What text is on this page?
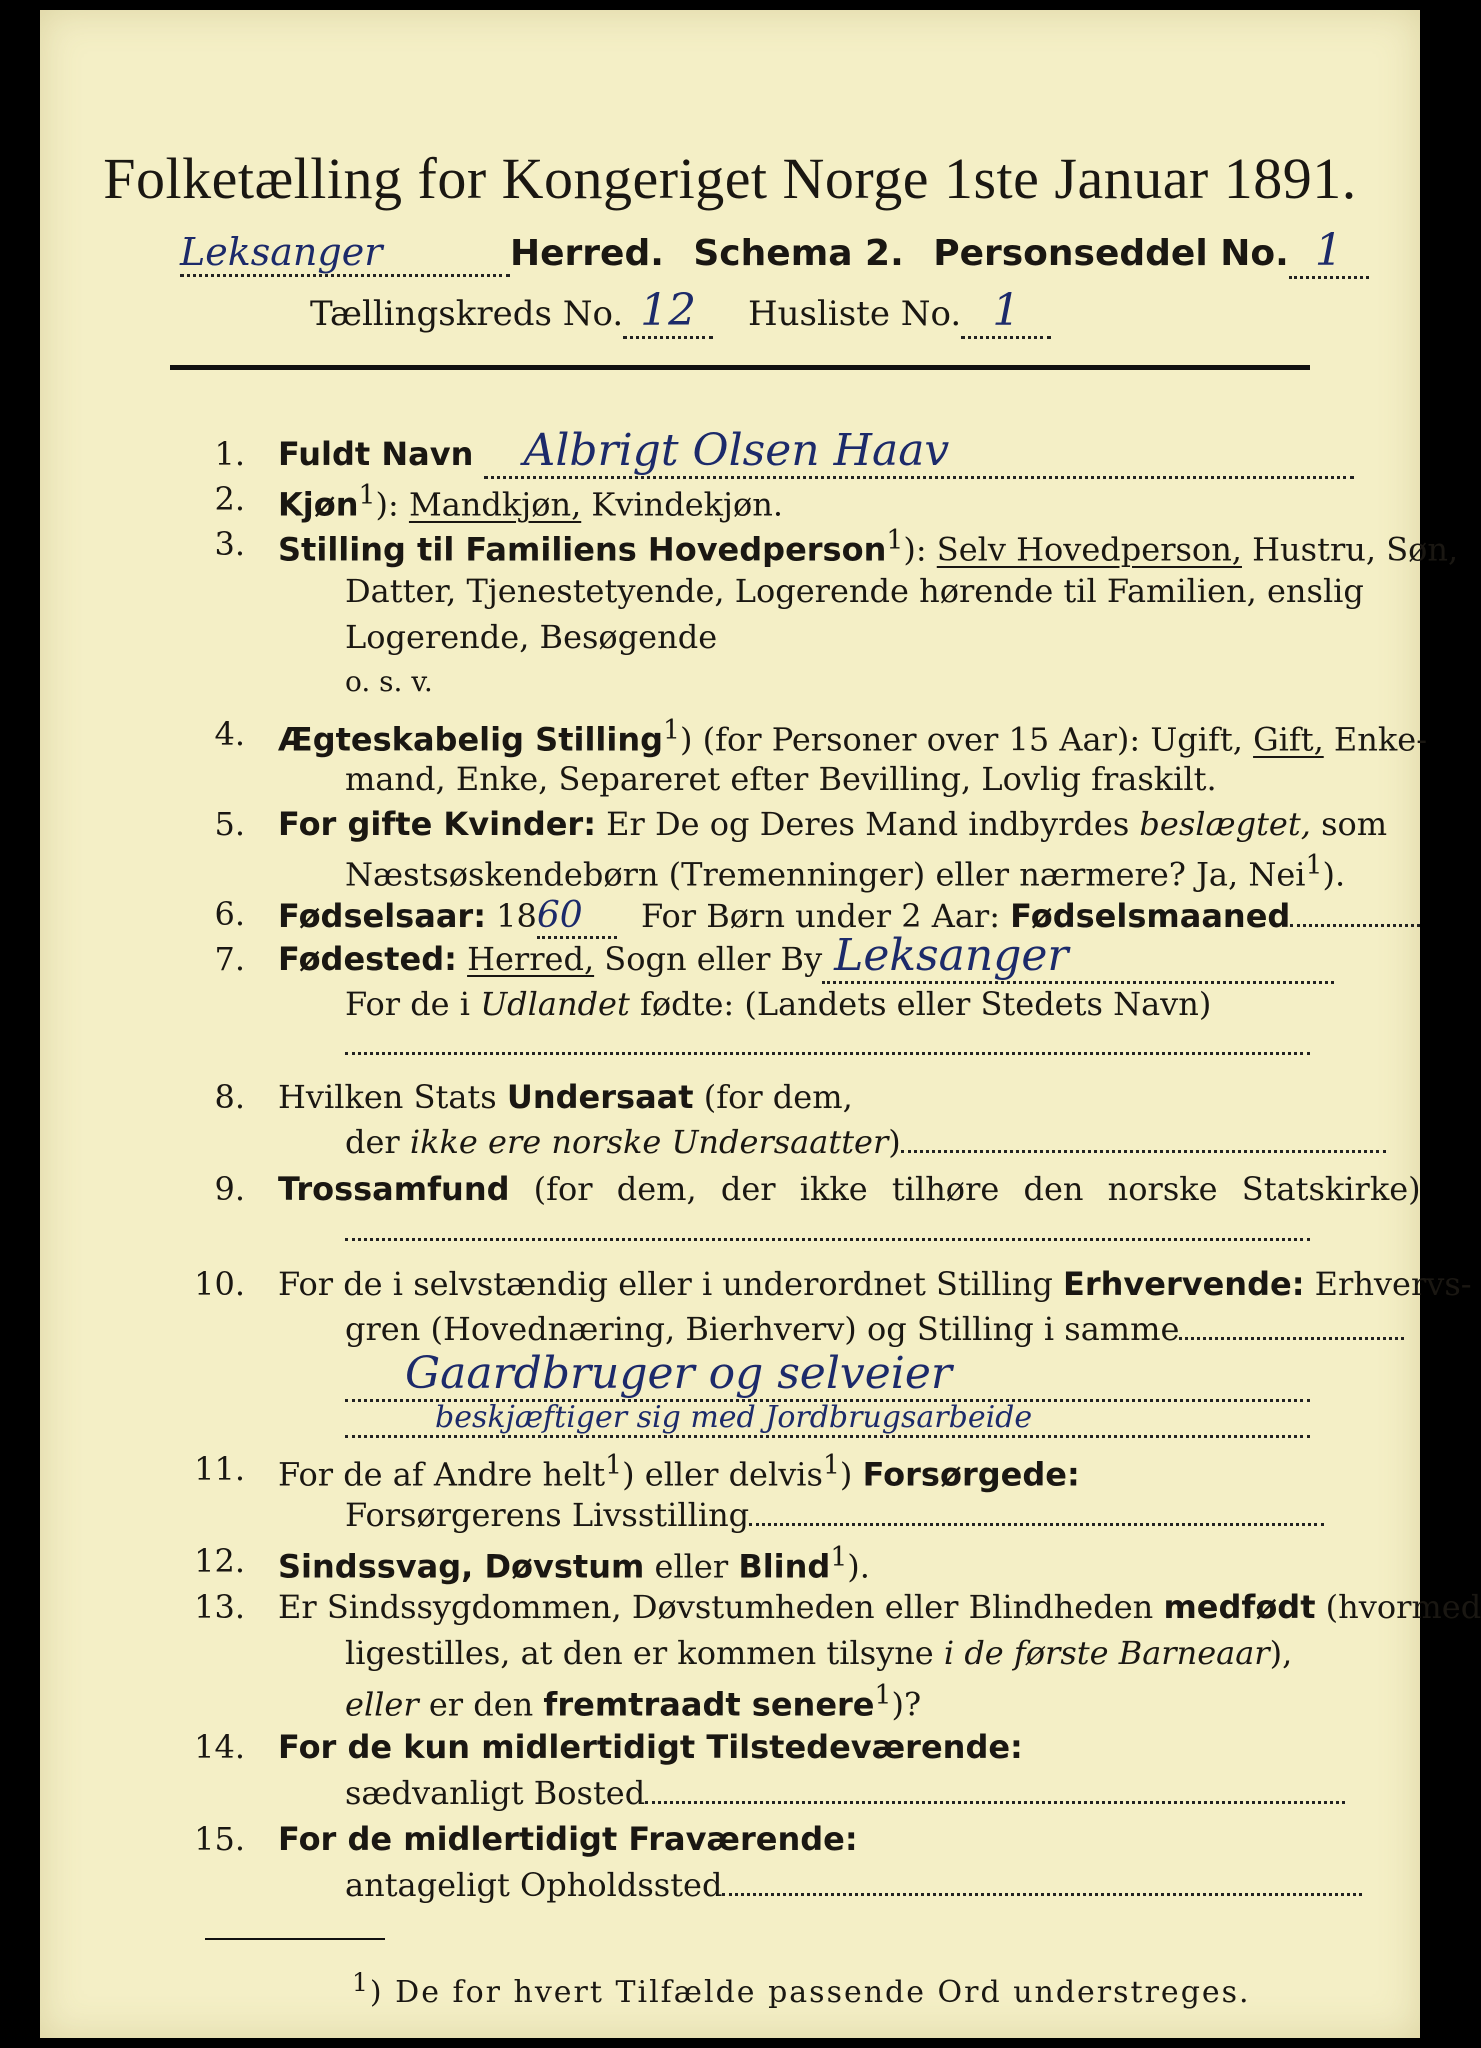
Folketælling for Kongeriget Norge 1ste Januar 1891.
Leksanger	Herred. Schema 2. Personseddel No. 1
Tællingskreds No. 12 Husliste No. 1
1. Fuldt Navn Albrigt Olsen Haav
2. Kjøn$^1$): Mandkjøn, Kvindekjøn.
3. Stilling til Familiens Hovedperson$^1$): Selv Hovedperson, Hustru, Søn,
Datter, Tjenestetyende, Logerende hørende til Familien, enslig
Logerende, Besøgende
o. s. v.
4. Ægteskabelig Stilling$^1$) (for Personer over 15 Aar): Ugift, Gift, Enke-
mand, Enke, Separeret efter Bevilling, Lovlig fraskilt.
5. For gifte Kvinder: Er De og Deres Mand indbyrdes beslægtet, som
Næstsøskendebørn (Tremenninger) eller nærmere? Ja, Nei$^1$).
6. Fødselsaar: 1860 For Børn under 2 Aar: Fødselsmaaned
7. Fødested: Herred, Sogn eller By Leksanger
For de i Udlandet fødte: (Landets eller Stedets Navn)
8. Hvilken Stats Undersaat (for dem,
der ikke ere norske Undersaatter)
9. Trossamfund (for dem, der ikke tilhøre den norske Statskirke)
10. For de i selvstændig eller i underordnet Stilling Erhvervende: Erhvervs-
gren (Hovednæring, Bierhverv) og Stilling i samme
Gaardbruger og selveier
beskjæftiger sig med Jordbrugsarbeide
11. For de af Andre helt$^1$) eller delvis$^1$) Forsørgede:
Forsørgerens Livsstilling
12. Sindssvag, Døvstum eller Blind$^1$).
13. Er Sindssygdommen, Døvstumheden eller Blindheden medfødt (hvormed
ligestilles, at den er kommen tilsyne i de første Barneaar),
eller er den fremtraadt senere$^1$)?
14. For de kun midlertidigt Tilstedeværende:
sædvanligt Bosted
15. For de midlertidigt Fraværende:
antageligt Opholdssted
$^1$) De for hvert Tilfælde passende Ord understreges.
